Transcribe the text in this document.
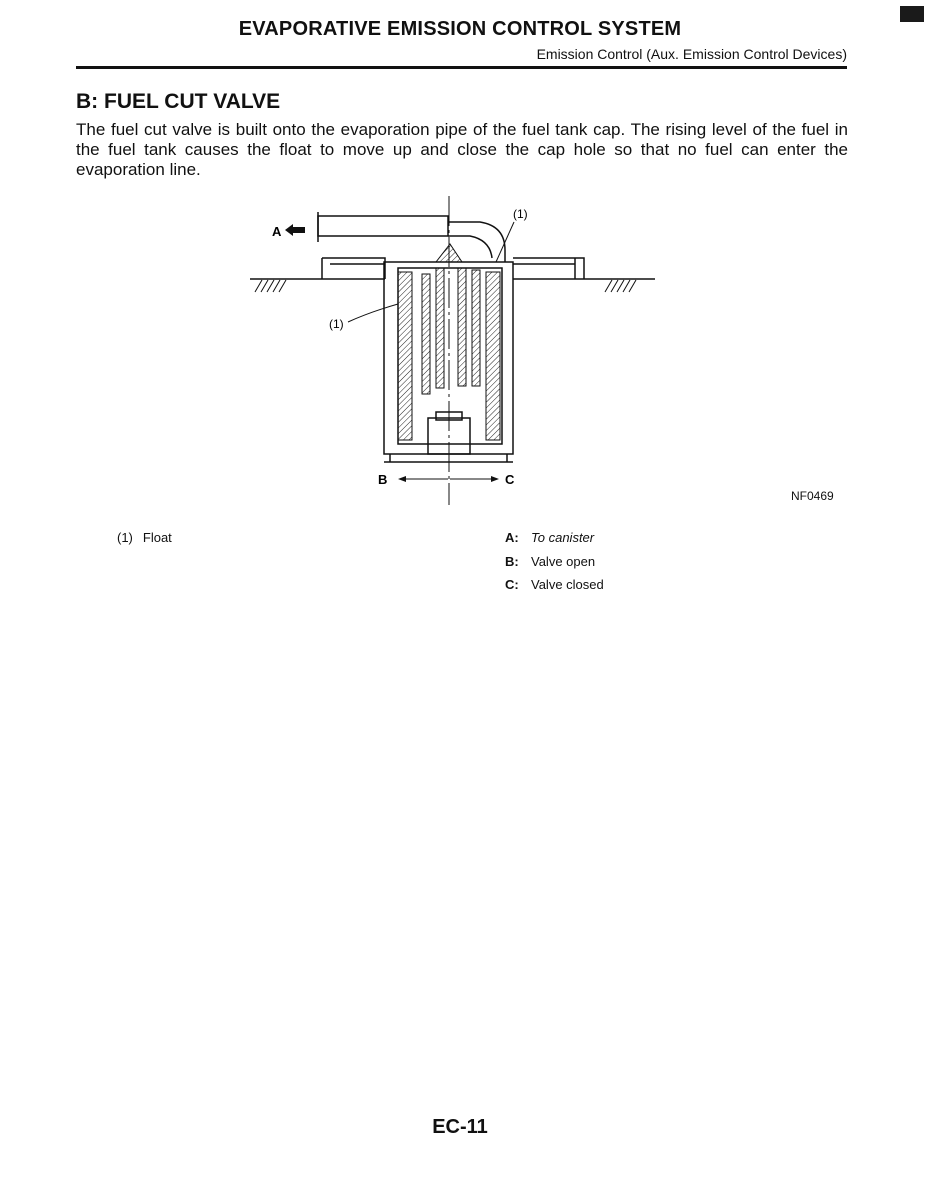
EVAPORATIVE EMISSION CONTROL SYSTEM
Emission Control (Aux. Emission Control Devices)
B: FUEL CUT VALVE

The fuel cut valve is built onto the evaporation pipe of the fuel tank cap. The rising level of the fuel in the fuel tank causes the float to move up and close the cap hole so that no fuel can enter the evaporation line.

A
B	C
(1)
(1)
NF0469
(1) Float	A: To canister
B: Valve open
C: Valve closed
EC-11
